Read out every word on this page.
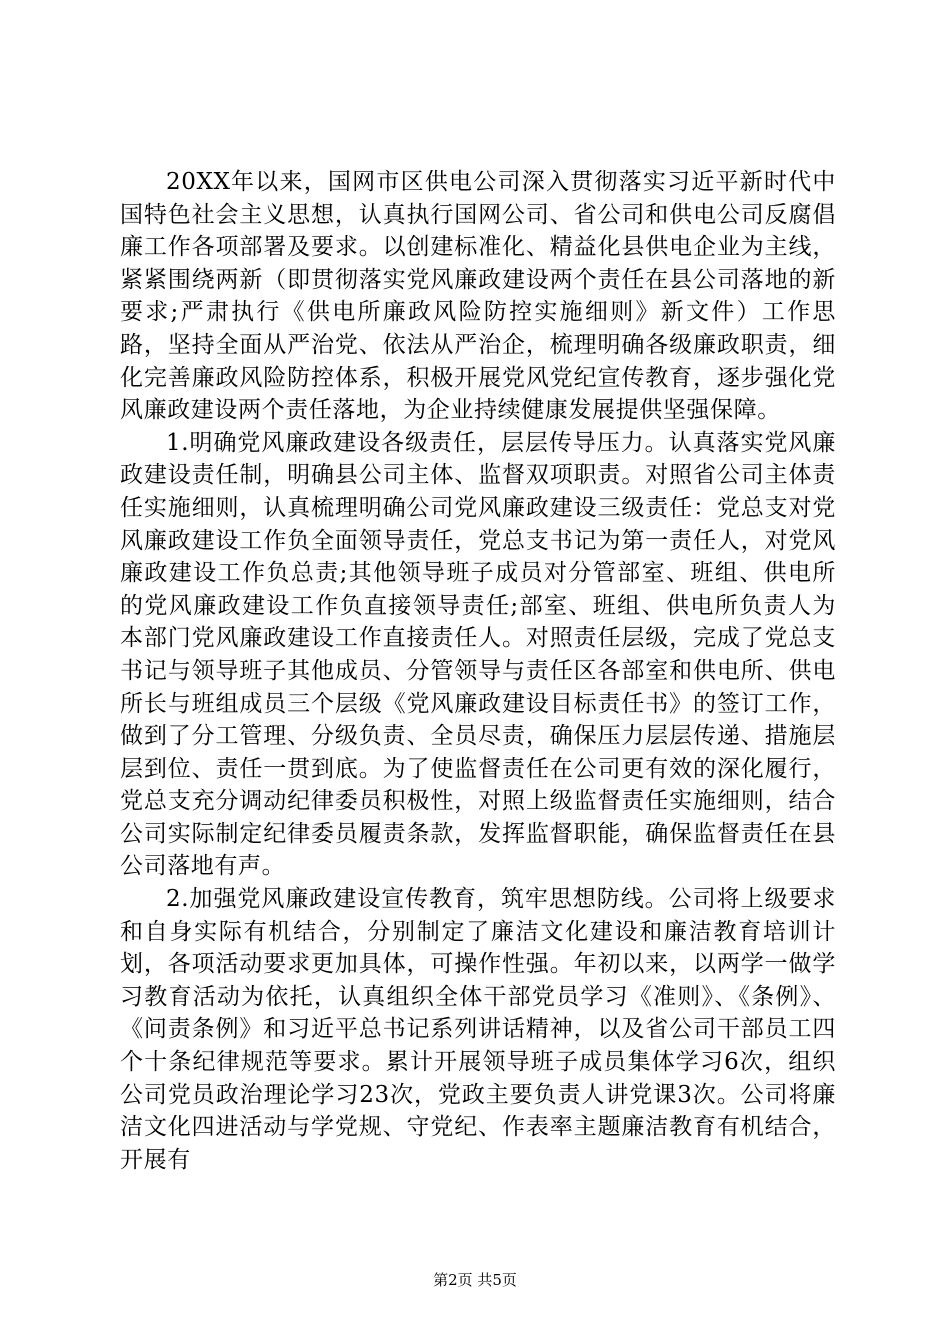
20XX年以来，国网市区供电公司深入贯彻落实习近平新时代中国特色社会主义思想，认真执行国网公司、省公司和供电公司反腐倡廉工作各项部署及要求。以创建标准化、精益化县供电企业为主线，紧紧围绕两新（即贯彻落实党风廉政建设两个责任在县公司落地的新要求;严肃执行《供电所廉政风险防控实施细则》新文件）工作思路，坚持全面从严治党、依法从严治企，梳理明确各级廉政职责，细化完善廉政风险防控体系，积极开展党风党纪宣传教育，逐步强化党风廉政建设两个责任落地，为企业持续健康发展提供坚强保障。

1.明确党风廉政建设各级责任，层层传导压力。认真落实党风廉政建设责任制，明确县公司主体、监督双项职责。对照省公司主体责任实施细则，认真梳理明确公司党风廉政建设三级责任：党总支对党风廉政建设工作负全面领导责任，党总支书记为第一责任人，对党风廉政建设工作负总责;其他领导班子成员对分管部室、班组、供电所的党风廉政建设工作负直接领导责任;部室、班组、供电所负责人为本部门党风廉政建设工作直接责任人。对照责任层级，完成了党总支书记与领导班子其他成员、分管领导与责任区各部室和供电所、供电所长与班组成员三个层级《党风廉政建设目标责任书》的签订工作，做到了分工管理、分级负责、全员尽责，确保压力层层传递、措施层层到位、责任一贯到底。为了使监督责任在公司更有效的深化履行，党总支充分调动纪律委员积极性，对照上级监督责任实施细则，结合公司实际制定纪律委员履责条款，发挥监督职能，确保监督责任在县公司落地有声。

2.加强党风廉政建设宣传教育，筑牢思想防线。公司将上级要求和自身实际有机结合，分别制定了廉洁文化建设和廉洁教育培训计划，各项活动要求更加具体，可操作性强。年初以来，以两学一做学习教育活动为依托，认真组织全体干部党员学习《准则》、《条例》、《问责条例》和习近平总书记系列讲话精神，以及省公司干部员工四个十条纪律规范等要求。累计开展领导班子成员集体学习6次，组织公司党员政治理论学习23次，党政主要负责人讲党课3次。公司将廉洁文化四进活动与学党规、守党纪、作表率主题廉洁教育有机结合，开展有

第2页 共5页
